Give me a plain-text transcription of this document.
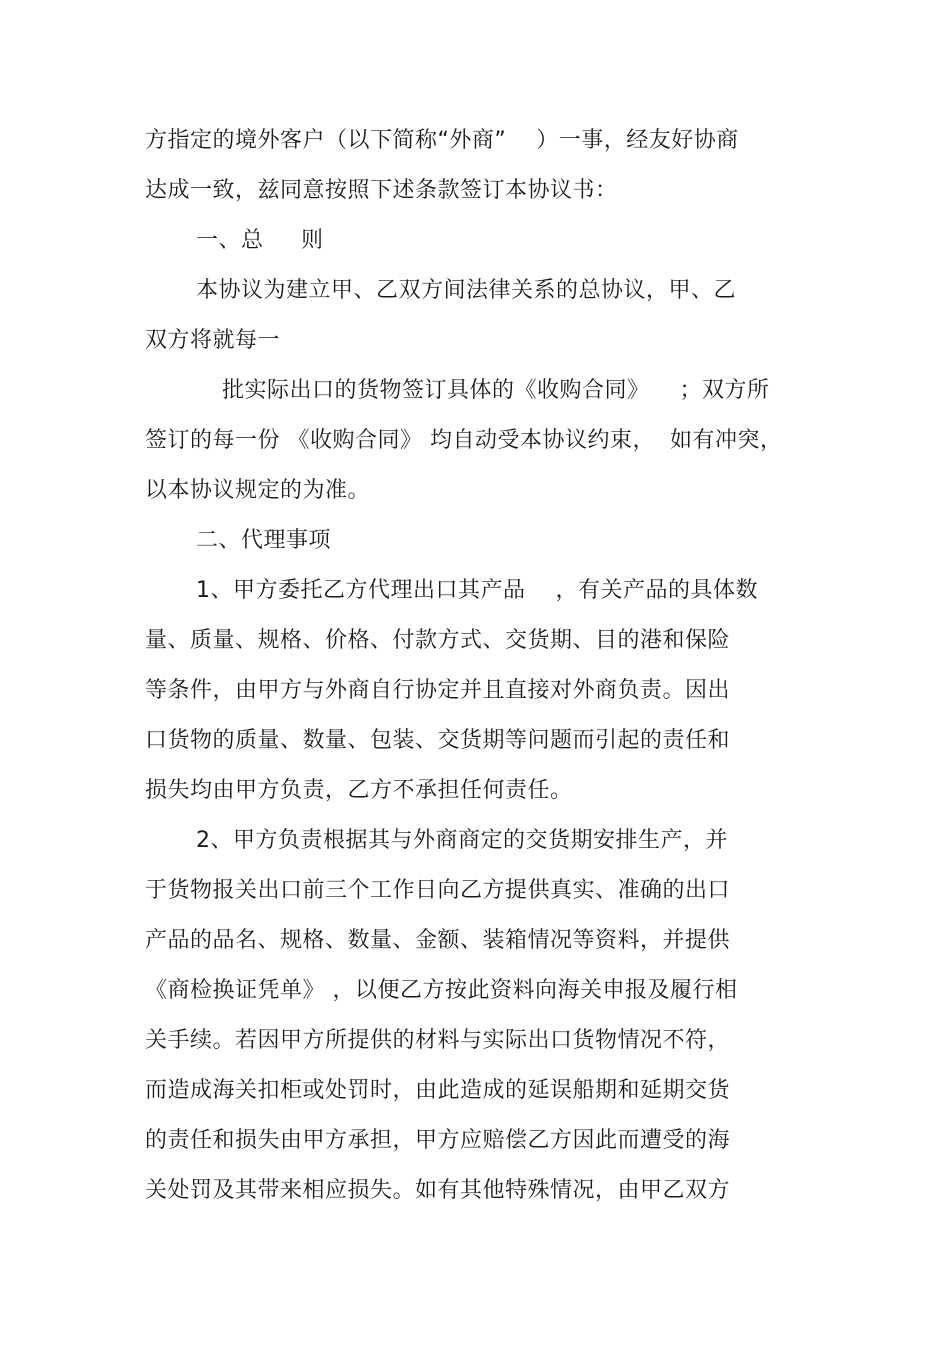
方指定的境外客户（以下简称“外商”    ）一事，经友好协商
达成一致，兹同意按照下述条款签订本协议书：
一、总     则
本协议为建立甲、乙双方间法律关系的总协议，甲、乙
双方将就每一
批实际出口的货物签订具体的《收购合同》    ；双方所
签订的每一份 《收购合同》 均自动受本协议约束，  如有冲突，
以本协议规定的为准。
二、代理事项
1、甲方委托乙方代理出口其产品    ，有关产品的具体数
量、质量、规格、价格、付款方式、交货期、目的港和保险
等条件，由甲方与外商自行协定并且直接对外商负责。因出
口货物的质量、数量、包装、交货期等问题而引起的责任和
损失均由甲方负责，乙方不承担任何责任。
2、甲方负责根据其与外商商定的交货期安排生产，并
于货物报关出口前三个工作日向乙方提供真实、准确的出口
产品的品名、规格、数量、金额、装箱情况等资料，并提供
《商检换证凭单》 ，以便乙方按此资料向海关申报及履行相
关手续。若因甲方所提供的材料与实际出口货物情况不符，
而造成海关扣柜或处罚时，由此造成的延误船期和延期交货
的责任和损失由甲方承担，甲方应赔偿乙方因此而遭受的海
关处罚及其带来相应损失。如有其他特殊情况，由甲乙双方
